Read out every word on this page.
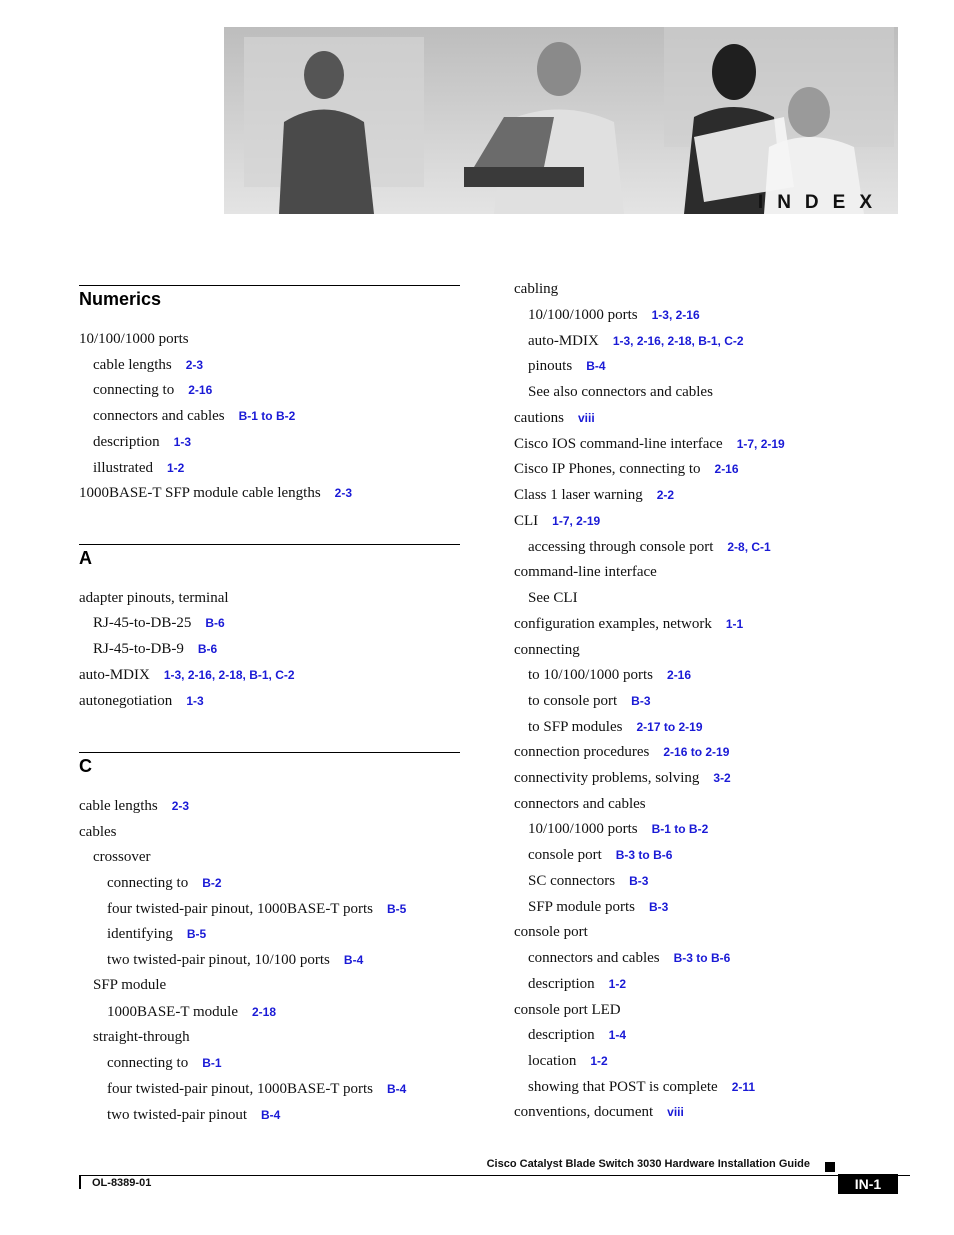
INDEX
Numerics
10/100/1000 ports
cable lengths 2-3
connecting to 2-16
connectors and cables B-1 to B-2
description 1-3
illustrated 1-2
1000BASE-T SFP module cable lengths 2-3
A
adapter pinouts, terminal
RJ-45-to-DB-25 B-6
RJ-45-to-DB-9 B-6
auto-MDIX 1-3, 2-16, 2-18, B-1, C-2
autonegotiation 1-3
C
cable lengths 2-3
cables
crossover
connecting to B-2
four twisted-pair pinout, 1000BASE-T ports B-5
identifying B-5
two twisted-pair pinout, 10/100 ports B-4
SFP module
1000BASE-T module 2-18
straight-through
connecting to B-1
four twisted-pair pinout, 1000BASE-T ports B-4
two twisted-pair pinout B-4
cabling
10/100/1000 ports 1-3, 2-16
auto-MDIX 1-3, 2-16, 2-18, B-1, C-2
pinouts B-4
See also connectors and cables
cautions viii
Cisco IOS command-line interface 1-7, 2-19
Cisco IP Phones, connecting to 2-16
Class 1 laser warning 2-2
CLI 1-7, 2-19
accessing through console port 2-8, C-1
command-line interface
See CLI
configuration examples, network 1-1
connecting
to 10/100/1000 ports 2-16
to console port B-3
to SFP modules 2-17 to 2-19
connection procedures 2-16 to 2-19
connectivity problems, solving 3-2
connectors and cables
10/100/1000 ports B-1 to B-2
console port B-3 to B-6
SC connectors B-3
SFP module ports B-3
console port
connectors and cables B-3 to B-6
description 1-2
console port LED
description 1-4
location 1-2
showing that POST is complete 2-11
conventions, document viii
Cisco Catalyst Blade Switch 3030 Hardware Installation Guide
OL-8389-01	IN-1
